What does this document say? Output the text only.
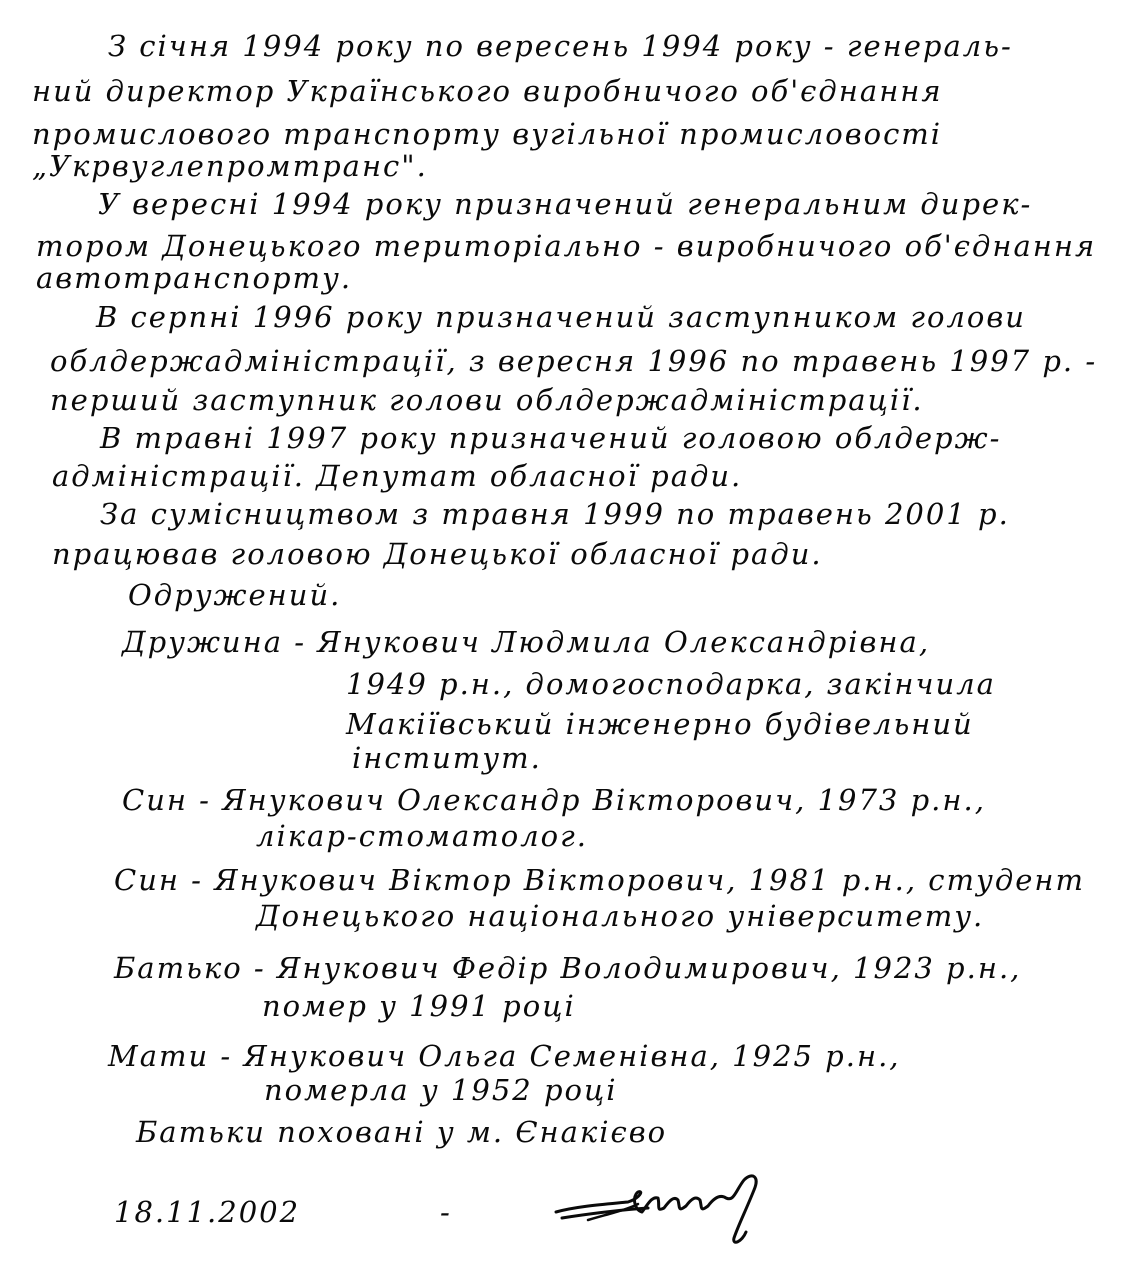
З січня 1994 року по вересень 1994 року - генераль-
ний директор Українського виробничого об'єднання
промислового транспорту вугільної промисловості
„Укрвуглепромтранс".
У вересні 1994 року призначений генеральним дирек-
тором Донецького територіально - виробничого об'єднання
автотранспорту.
В серпні 1996 року призначений заступником голови
облдержадміністрації, з вересня 1996 по травень 1997 р. -
перший заступник голови облдержадміністрації.
В травні 1997 року призначений головою облдерж-
адміністрації. Депутат обласної ради.
За сумісництвом з травня 1999 по травень 2001 р.
працював головою Донецької обласної ради.
Одружений.
Дружина - Янукович Людмила Олександрівна,
1949 р.н., домогосподарка, закінчила
Макіївський інженерно будівельний
інститут.
Син - Янукович Олександр Вікторович, 1973 р.н.,
лікар-стоматолог.
Син - Янукович Віктор Вікторович, 1981 р.н., студент
Донецького національного університету.
Батько - Янукович Федір Володимирович, 1923 р.н.,
помер у 1991 році
Мати - Янукович Ольга Семенівна, 1925 р.н.,
померла у 1952 році
Батьки поховані у м. Єнакієво
18.11.2002	-
